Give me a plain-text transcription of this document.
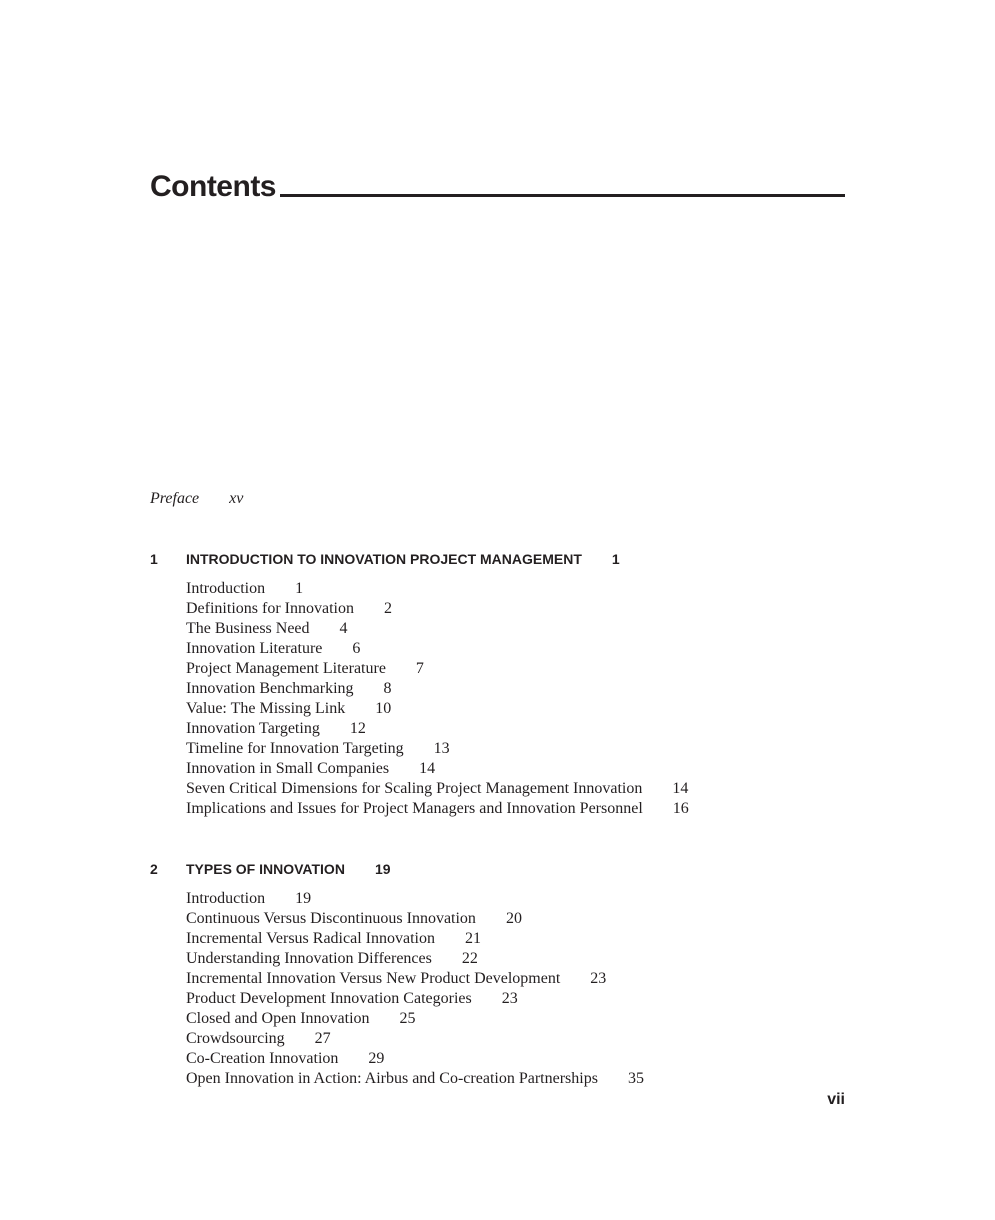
Contents
Preface xv
1 INTRODUCTION TO INNOVATION PROJECT MANAGEMENT 1
Introduction 1
Definitions for Innovation 2
The Business Need 4
Innovation Literature 6
Project Management Literature 7
Innovation Benchmarking 8
Value: The Missing Link 10
Innovation Targeting 12
Timeline for Innovation Targeting 13
Innovation in Small Companies 14
Seven Critical Dimensions for Scaling Project Management Innovation 14
Implications and Issues for Project Managers and Innovation Personnel 16
2 TYPES OF INNOVATION 19
Introduction 19
Continuous Versus Discontinuous Innovation 20
Incremental Versus Radical Innovation 21
Understanding Innovation Differences 22
Incremental Innovation Versus New Product Development 23
Product Development Innovation Categories 23
Closed and Open Innovation 25
Crowdsourcing 27
Co-Creation Innovation 29
Open Innovation in Action: Airbus and Co-creation Partnerships 35
vii
